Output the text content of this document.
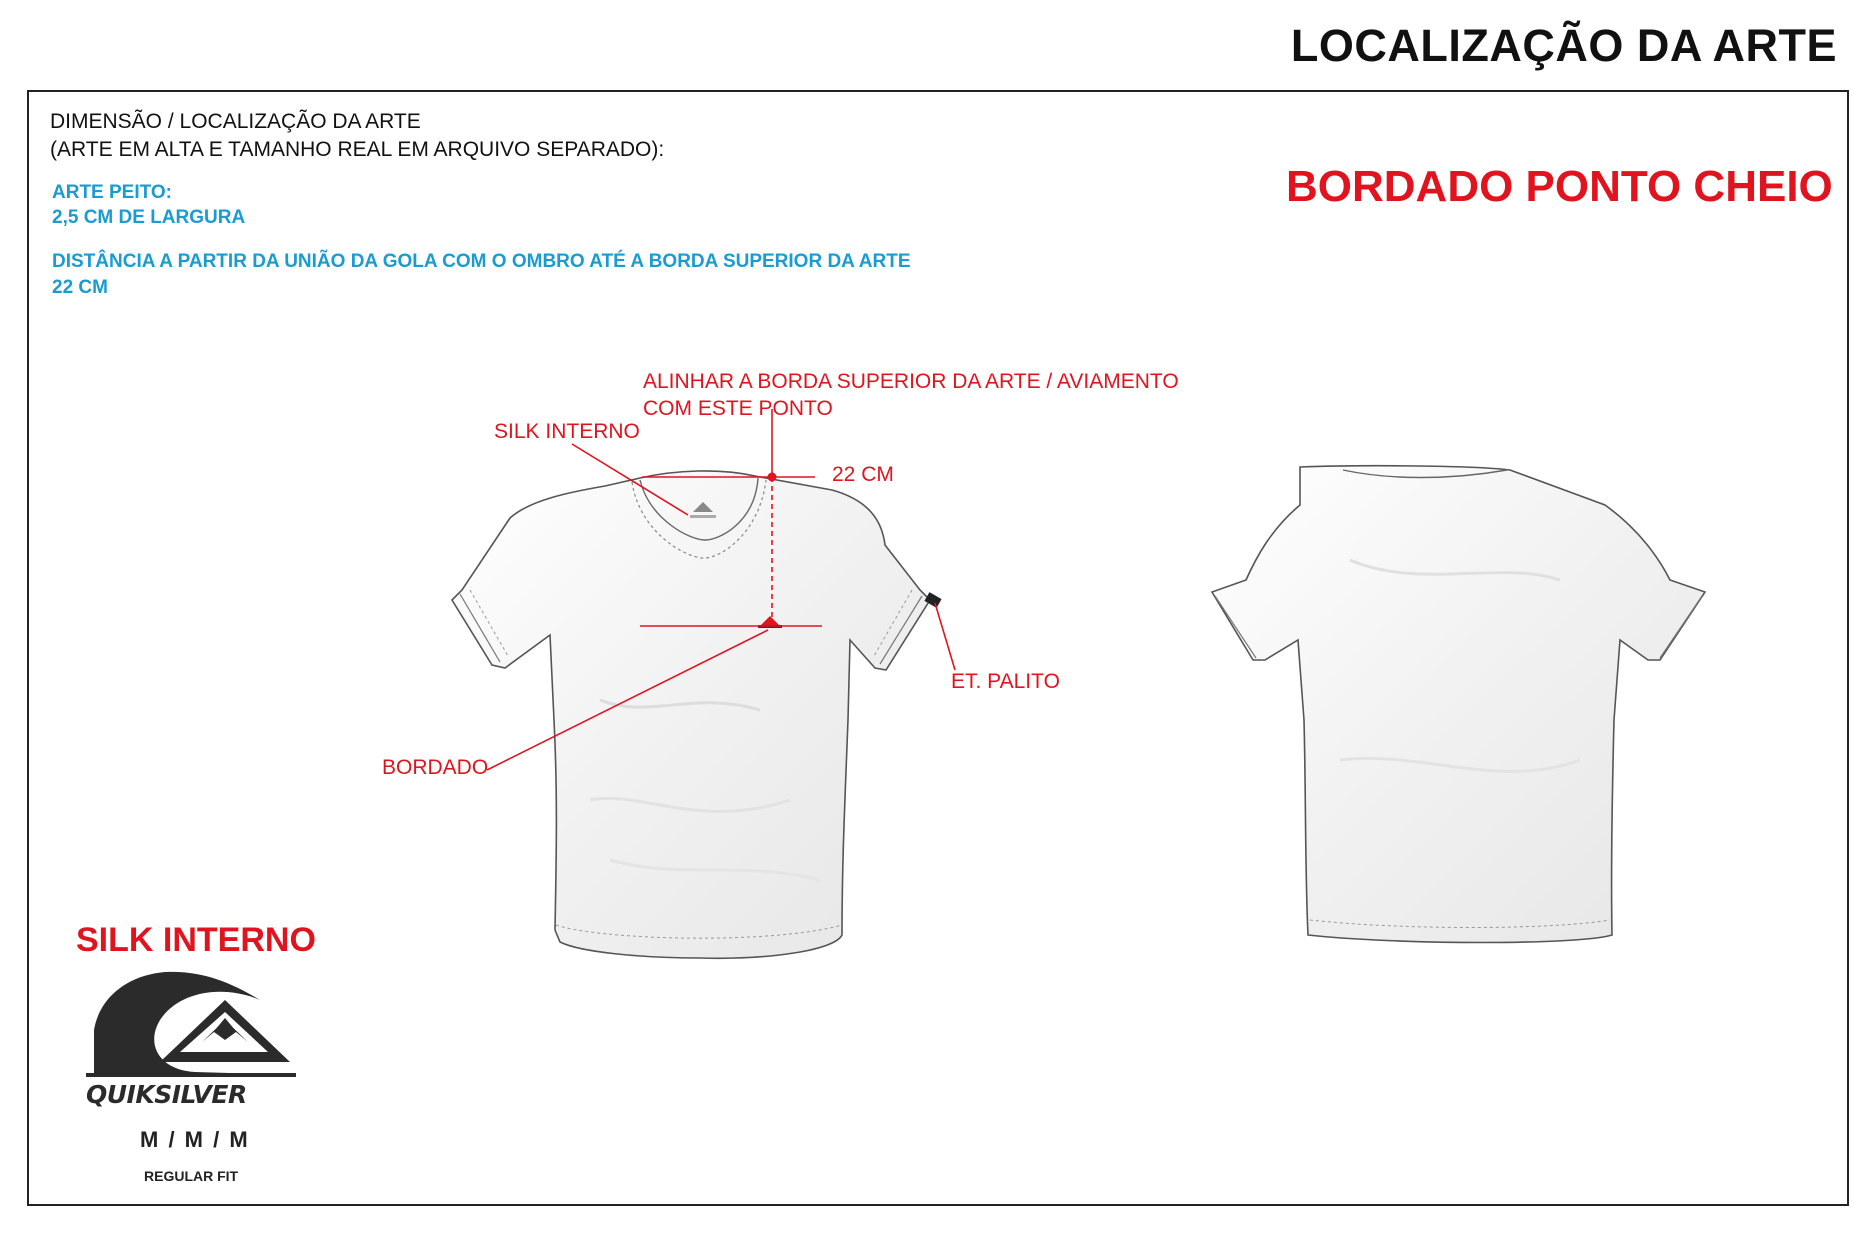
LOCALIZAÇÃO DA ARTE
DIMENSÃO / LOCALIZAÇÃO DA ARTE
(ARTE EM ALTA E TAMANHO REAL EM ARQUIVO SEPARADO):
ARTE PEITO:
2,5 CM DE LARGURA
DISTÂNCIA A PARTIR DA UNIÃO DA GOLA COM O OMBRO ATÉ A BORDA SUPERIOR DA ARTE
22 CM
BORDADO PONTO CHEIO
ALINHAR A BORDA SUPERIOR DA ARTE / AVIAMENTO
COM ESTE PONTO
SILK INTERNO
22 CM
ET. PALITO
BORDADO
SILK INTERNO
QUIKSILVER
M / M / M
REGULAR FIT
